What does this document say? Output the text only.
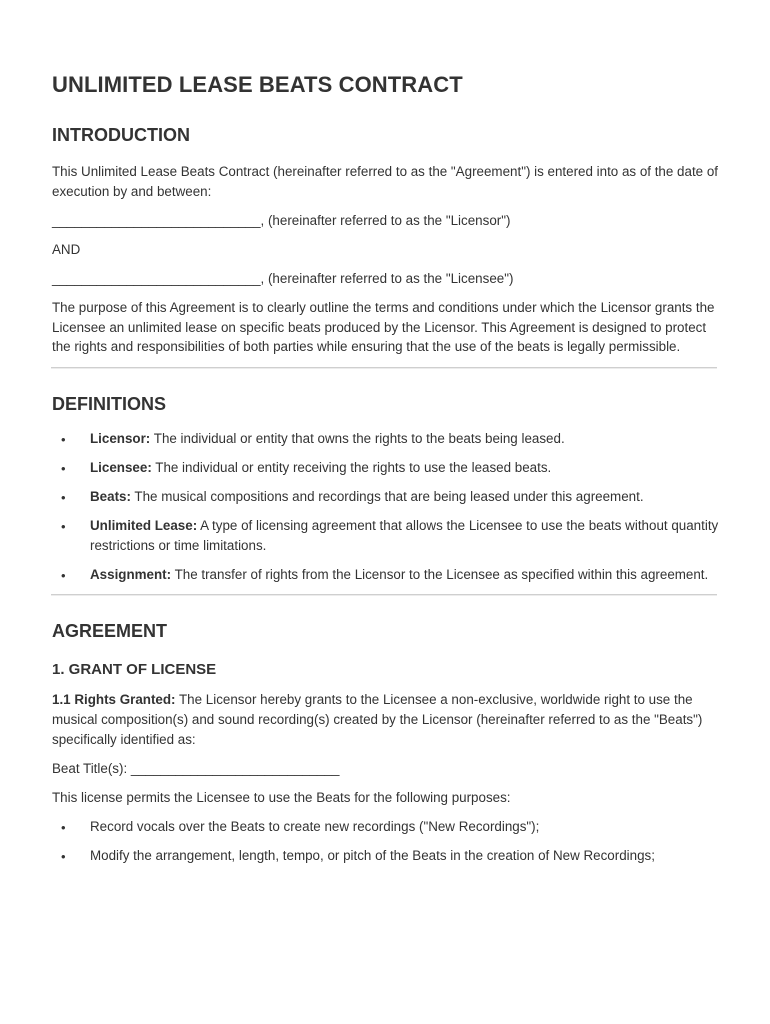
UNLIMITED LEASE BEATS CONTRACT
INTRODUCTION

This Unlimited Lease Beats Contract (hereinafter referred to as the "Agreement") is entered into as of the date of execution by and between:

____________________________, (hereinafter referred to as the "Licensor")

AND

____________________________, (hereinafter referred to as the "Licensee")

The purpose of this Agreement is to clearly outline the terms and conditions under which the Licensor grants the Licensee an unlimited lease on specific beats produced by the Licensor. This Agreement is designed to protect the rights and responsibilities of both parties while ensuring that the use of the beats is legally permissible.

DEFINITIONS
• Licensor: The individual or entity that owns the rights to the beats being leased.
• Licensee: The individual or entity receiving the rights to use the leased beats.
• Beats: The musical compositions and recordings that are being leased under this agreement.
• Unlimited Lease: A type of licensing agreement that allows the Licensee to use the beats without quantity restrictions or time limitations.
• Assignment: The transfer of rights from the Licensor to the Licensee as specified within this agreement.
AGREEMENT
1. GRANT OF LICENSE

1.1 Rights Granted: The Licensor hereby grants to the Licensee a non-exclusive, worldwide right to use the musical composition(s) and sound recording(s) created by the Licensor (hereinafter referred to as the "Beats") specifically identified as:

Beat Title(s): ____________________________

This license permits the Licensee to use the Beats for the following purposes:

• Record vocals over the Beats to create new recordings ("New Recordings");
• Modify the arrangement, length, tempo, or pitch of the Beats in the creation of New Recordings;
